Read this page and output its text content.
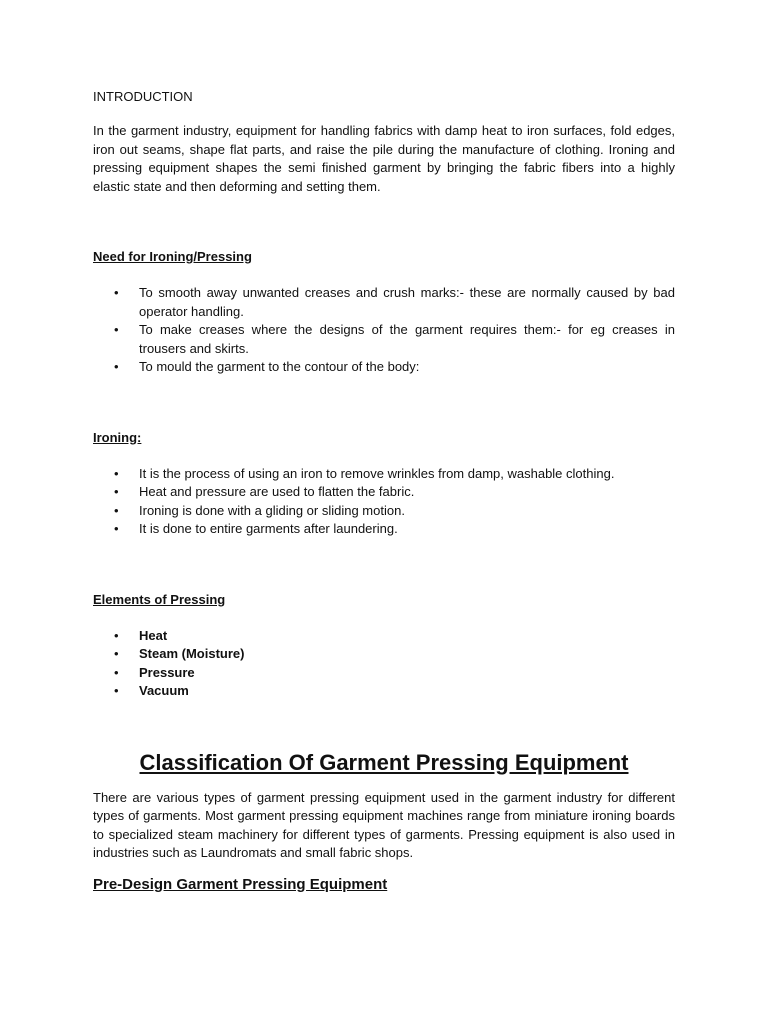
INTRODUCTION

In the garment industry, equipment for handling fabrics with damp heat to iron surfaces, fold edges, iron out seams, shape flat parts, and raise the pile during the manufacture of clothing. Ironing and pressing equipment shapes the semi finished garment by bringing the fabric fibers into a highly elastic state and then deforming and setting them.

Need for Ironing/Pressing

• To smooth away unwanted creases and crush marks:- these are normally caused by bad operator handling.
• To make creases where the designs of the garment requires them:- for eg creases in trousers and skirts.
• To mould the garment to the contour of the body:

Ironing:

• It is the process of using an iron to remove wrinkles from damp, washable clothing.
• Heat and pressure are used to flatten the fabric.
• Ironing is done with a gliding or sliding motion.
• It is done to entire garments after laundering.

Elements of Pressing

• Heat
• Steam (Moisture)
• Pressure
• Vacuum
Classification Of Garment Pressing Equipment

There are various types of garment pressing equipment used in the garment industry for different types of garments. Most garment pressing equipment machines range from miniature ironing boards to specialized steam machinery for different types of garments. Pressing equipment is also used in industries such as Laundromats and small fabric shops.

Pre-Design Garment Pressing Equipment
